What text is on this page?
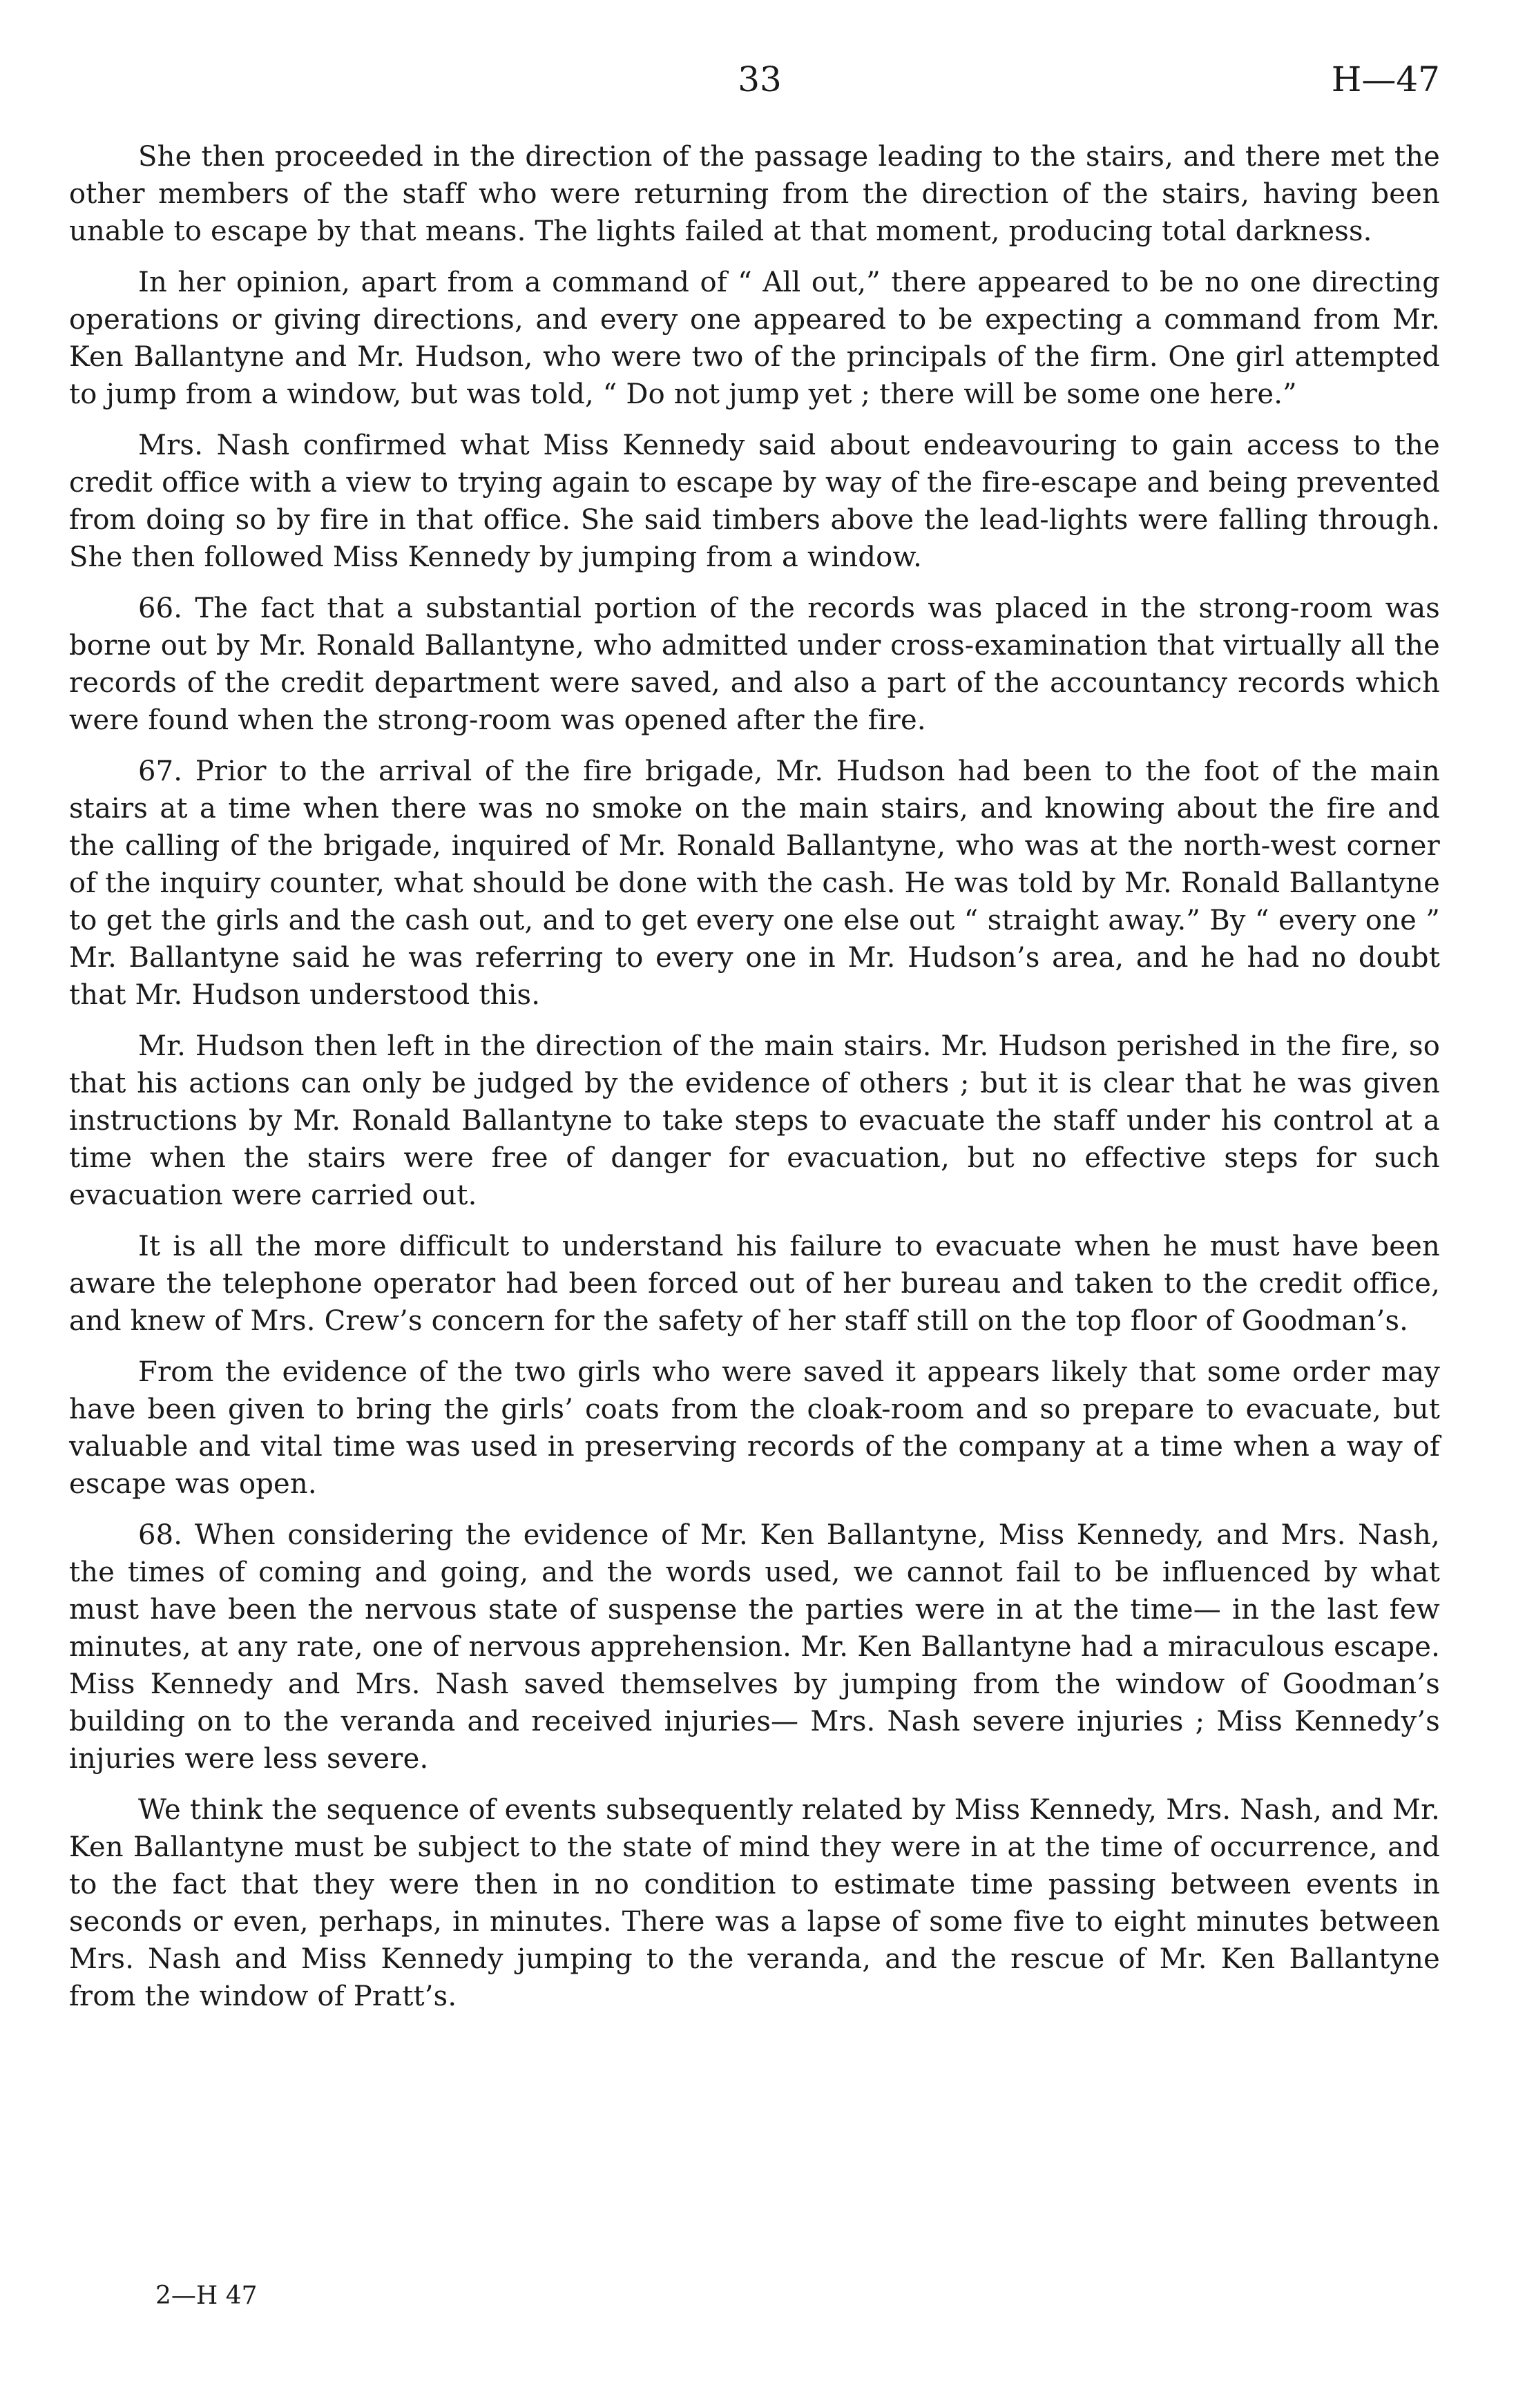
33	H—47

She then proceeded in the direction of the passage leading to the stairs, and there met the other members of the staff who were returning from the direction of the stairs, having been unable to escape by that means. The lights failed at that moment, producing total darkness.

In her opinion, apart from a command of “ All out,” there appeared to be no one directing operations or giving directions, and every one appeared to be expecting a command from Mr. Ken Ballantyne and Mr. Hudson, who were two of the principals of the firm. One girl attempted to jump from a window, but was told, “ Do not jump yet ; there will be some one here.”

Mrs. Nash confirmed what Miss Kennedy said about endeavouring to gain access to the credit office with a view to trying again to escape by way of the fire-escape and being prevented from doing so by fire in that office. She said timbers above the lead-lights were falling through. She then followed Miss Kennedy by jumping from a window.

66. The fact that a substantial portion of the records was placed in the strong-room was borne out by Mr. Ronald Ballantyne, who admitted under cross-examination that virtually all the records of the credit department were saved, and also a part of the accountancy records which were found when the strong-room was opened after the fire.

67. Prior to the arrival of the fire brigade, Mr. Hudson had been to the foot of the main stairs at a time when there was no smoke on the main stairs, and knowing about the fire and the calling of the brigade, inquired of Mr. Ronald Ballantyne, who was at the north-west corner of the inquiry counter, what should be done with the cash. He was told by Mr. Ronald Ballantyne to get the girls and the cash out, and to get every one else out “ straight away.” By “ every one ” Mr. Ballantyne said he was referring to every one in Mr. Hudson’s area, and he had no doubt that Mr. Hudson understood this.

Mr. Hudson then left in the direction of the main stairs. Mr. Hudson perished in the fire, so that his actions can only be judged by the evidence of others ; but it is clear that he was given instructions by Mr. Ronald Ballantyne to take steps to evacuate the staff under his control at a time when the stairs were free of danger for evacuation, but no effective steps for such evacuation were carried out.

It is all the more difficult to understand his failure to evacuate when he must have been aware the telephone operator had been forced out of her bureau and taken to the credit office, and knew of Mrs. Crew’s concern for the safety of her staff still on the top floor of Goodman’s.

From the evidence of the two girls who were saved it appears likely that some order may have been given to bring the girls’ coats from the cloak-room and so prepare to evacuate, but valuable and vital time was used in preserving records of the company at a time when a way of escape was open.

68. When considering the evidence of Mr. Ken Ballantyne, Miss Kennedy, and Mrs. Nash, the times of coming and going, and the words used, we cannot fail to be influenced by what must have been the nervous state of suspense the parties were in at the time— in the last few minutes, at any rate, one of nervous apprehension. Mr. Ken Ballantyne had a miraculous escape. Miss Kennedy and Mrs. Nash saved themselves by jumping from the window of Goodman’s building on to the veranda and received injuries— Mrs. Nash severe injuries ; Miss Kennedy’s injuries were less severe.

We think the sequence of events subsequently related by Miss Kennedy, Mrs. Nash, and Mr. Ken Ballantyne must be subject to the state of mind they were in at the time of occurrence, and to the fact that they were then in no condition to estimate time passing between events in seconds or even, perhaps, in minutes. There was a lapse of some five to eight minutes between Mrs. Nash and Miss Kennedy jumping to the veranda, and the rescue of Mr. Ken Ballantyne from the window of Pratt’s.

2—H 47
